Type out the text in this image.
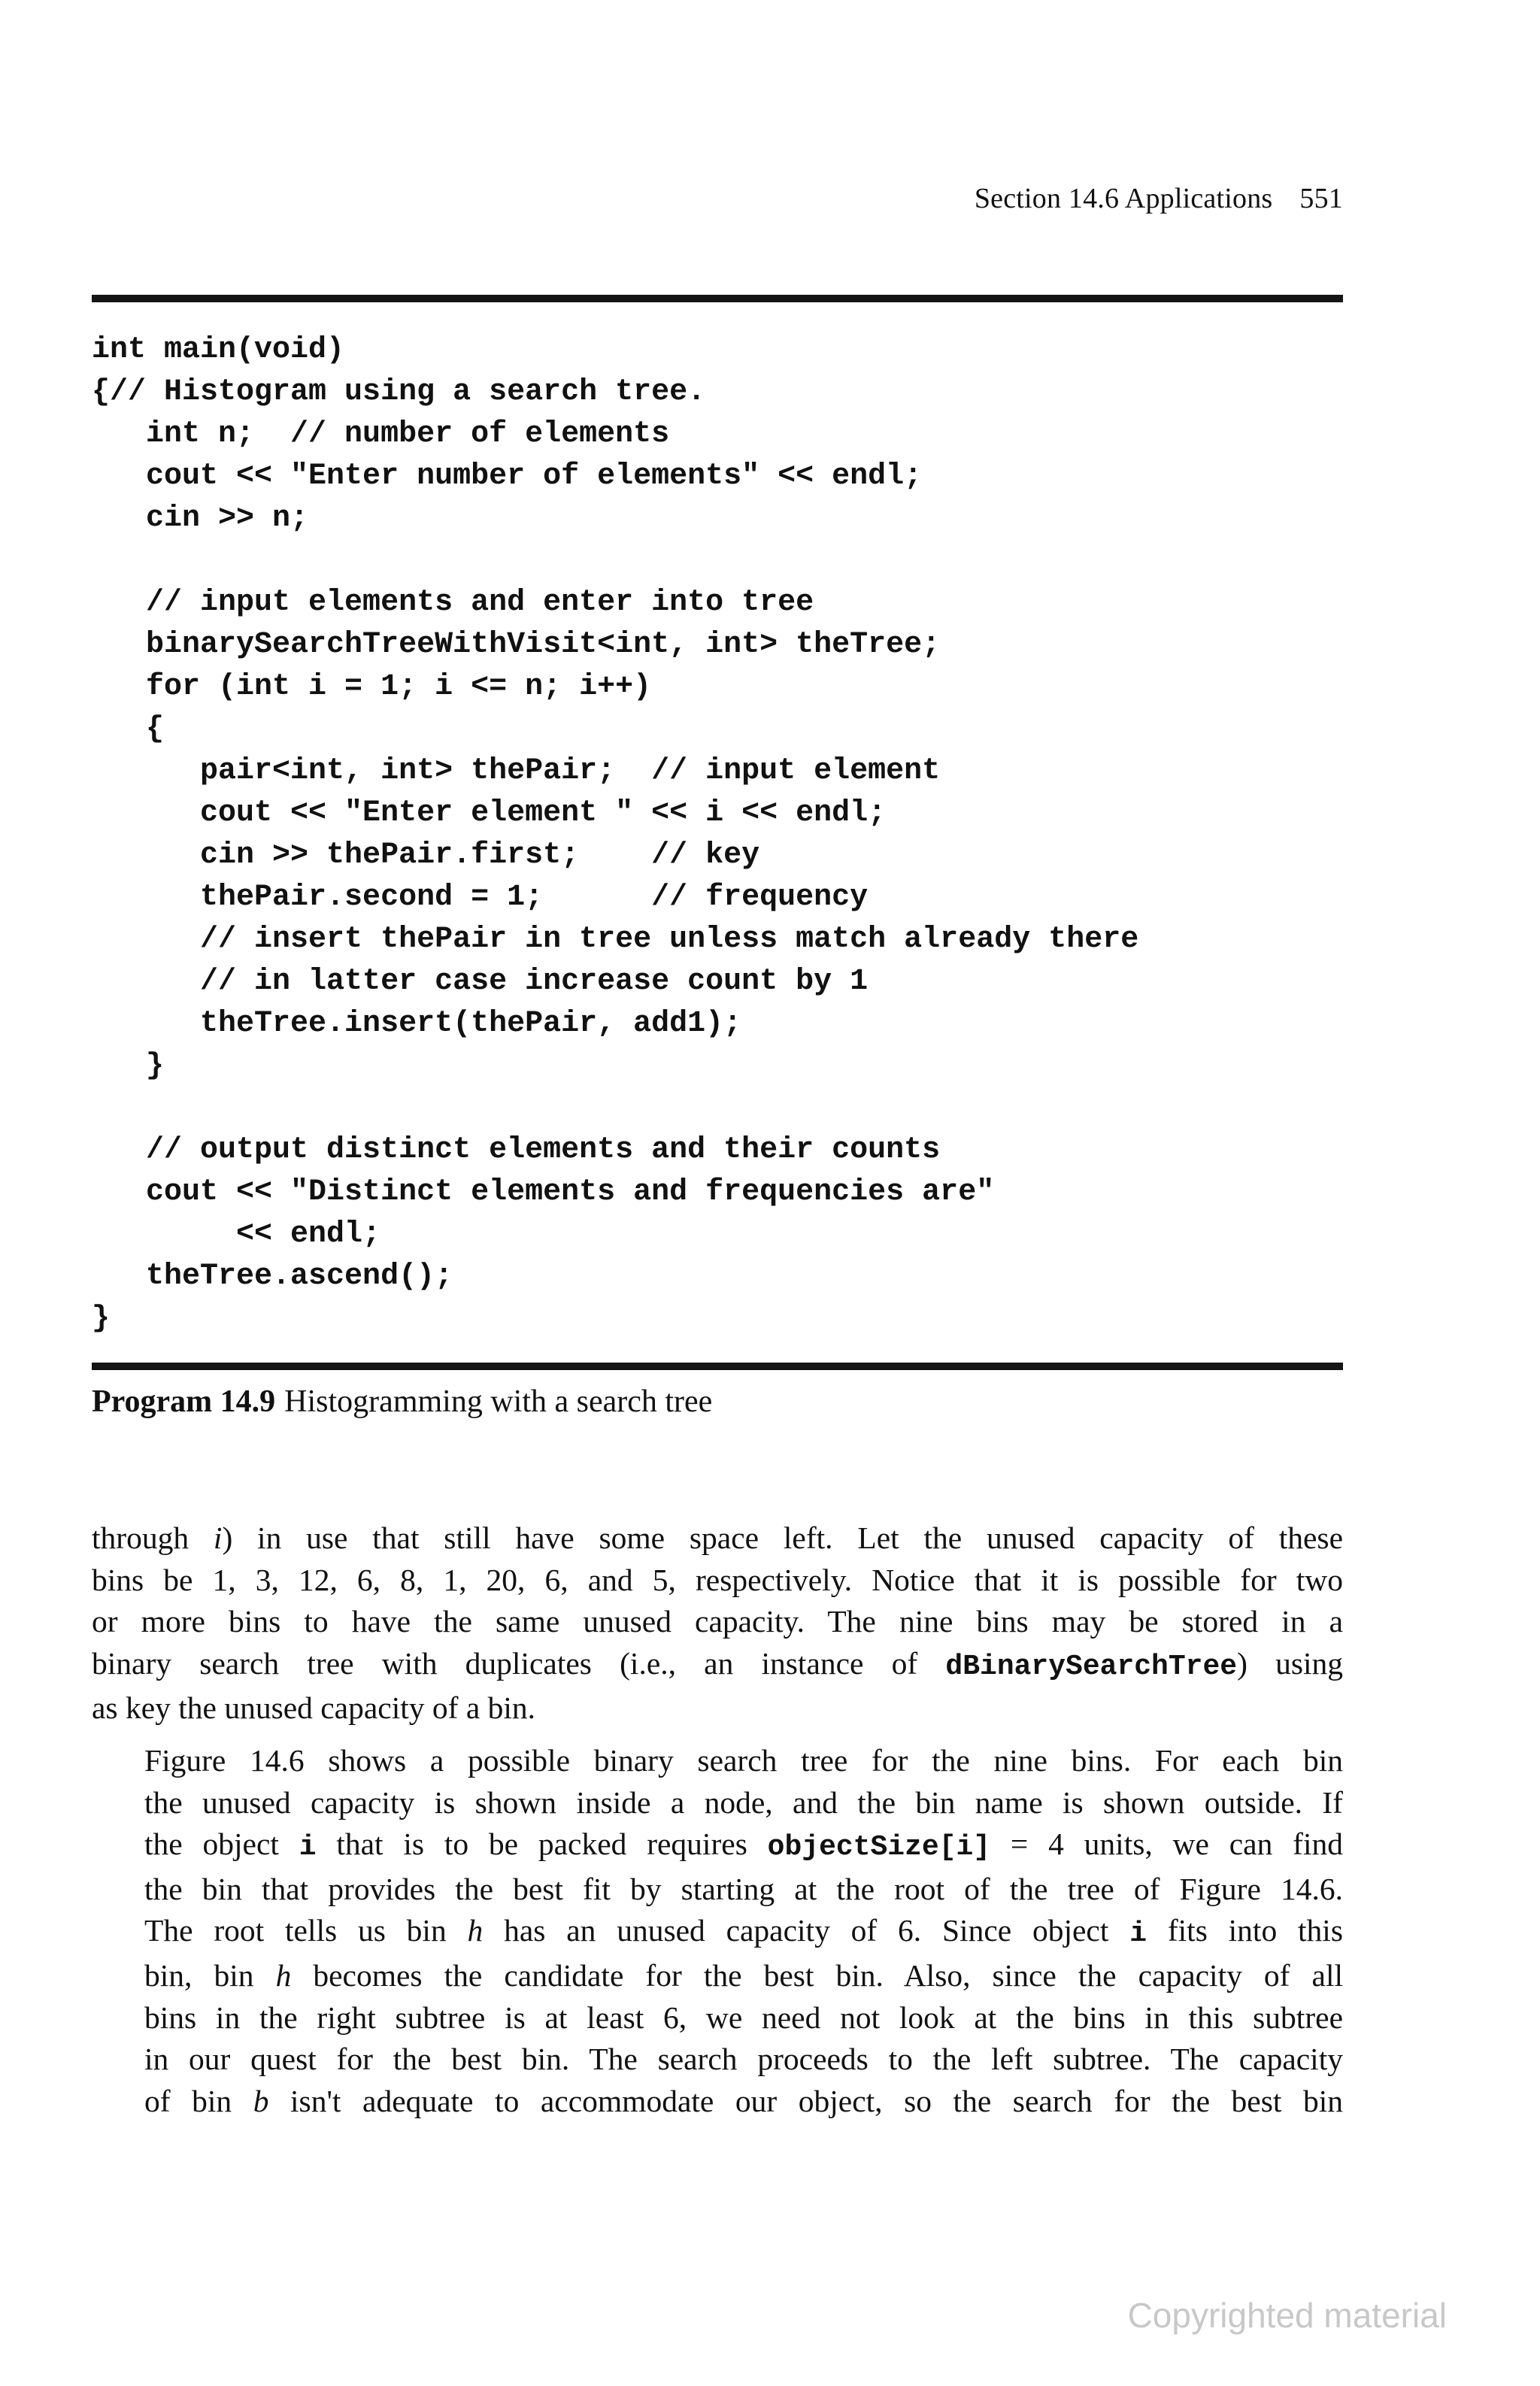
Section 14.6 Applications 551
int main(void)
{// Histogram using a search tree.
int n;  // number of elements
cout << "Enter number of elements" << endl;
cin >> n;
// input elements and enter into tree
binarySearchTreeWithVisit<int, int> theTree;
for (int i = 1; i <= n; i++)
{
pair<int, int> thePair;  // input element
cout << "Enter element " << i << endl;
cin >> thePair.first;    // key
thePair.second = 1;      // frequency
// insert thePair in tree unless match already there
// in latter case increase count by 1
theTree.insert(thePair, add1);
}
// output distinct elements and their counts
cout << "Distinct elements and frequencies are"
<< endl;
theTree.ascend();
}
Program 14.9 Histogramming with a search tree
through i) in use that still have some space left. Let the unused capacity of these
bins be 1, 3, 12, 6, 8, 1, 20, 6, and 5, respectively. Notice that it is possible for two
or more bins to have the same unused capacity. The nine bins may be stored in a
binary search tree with duplicates (i.e., an instance of dBinarySearchTree) using
as key the unused capacity of a bin.
Figure 14.6 shows a possible binary search tree for the nine bins. For each bin
the unused capacity is shown inside a node, and the bin name is shown outside. If
the object i that is to be packed requires objectSize[i] = 4 units, we can find
the bin that provides the best fit by starting at the root of the tree of Figure 14.6.
The root tells us bin h has an unused capacity of 6. Since object i fits into this
bin, bin h becomes the candidate for the best bin. Also, since the capacity of all
bins in the right subtree is at least 6, we need not look at the bins in this subtree
in our quest for the best bin. The search proceeds to the left subtree. The capacity
of bin b isn't adequate to accommodate our object, so the search for the best bin
Copyrighted material
